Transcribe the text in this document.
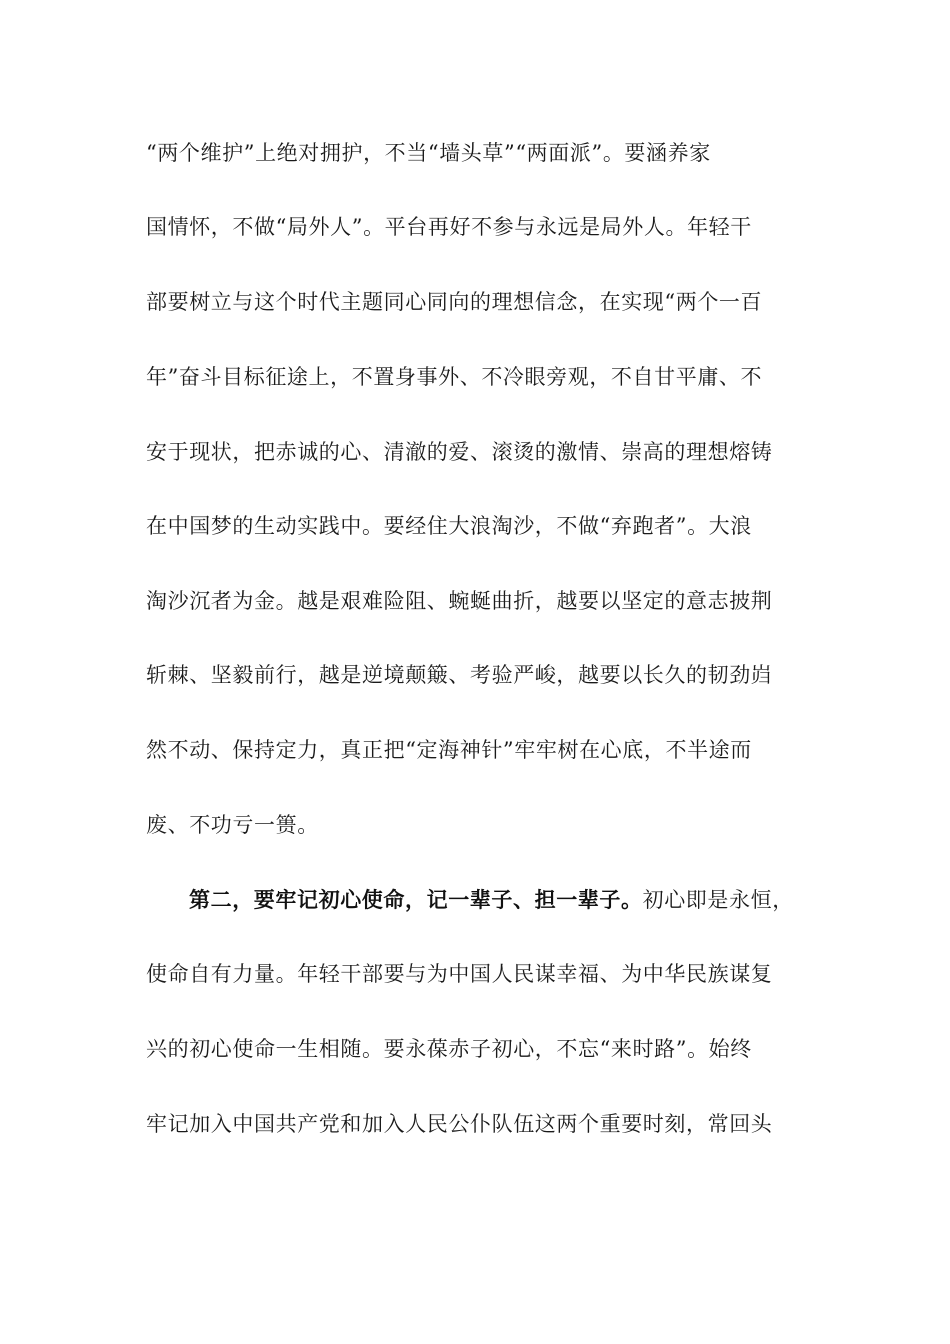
“两个维护”上绝对拥护，不当“墙头草”“两面派”。要涵养家
国情怀，不做“局外人”。平台再好不参与永远是局外人。年轻干
部要树立与这个时代主题同心同向的理想信念，在实现“两个一百
年”奋斗目标征途上，不置身事外、不冷眼旁观，不自甘平庸、不
安于现状，把赤诚的心、清澈的爱、滚烫的激情、崇高的理想熔铸
在中国梦的生动实践中。要经住大浪淘沙，不做“弃跑者”。大浪
淘沙沉者为金。越是艰难险阻、蜿蜒曲折，越要以坚定的意志披荆
斩棘、坚毅前行，越是逆境颠簸、考验严峻，越要以长久的韧劲岿
然不动、保持定力，真正把“定海神针”牢牢树在心底，不半途而
废、不功亏一篑。
第二，要牢记初心使命，记一辈子、担一辈子。初心即是永恒，
使命自有力量。年轻干部要与为中国人民谋幸福、为中华民族谋复
兴的初心使命一生相随。要永葆赤子初心，不忘“来时路”。始终
牢记加入中国共产党和加入人民公仆队伍这两个重要时刻，常回头
